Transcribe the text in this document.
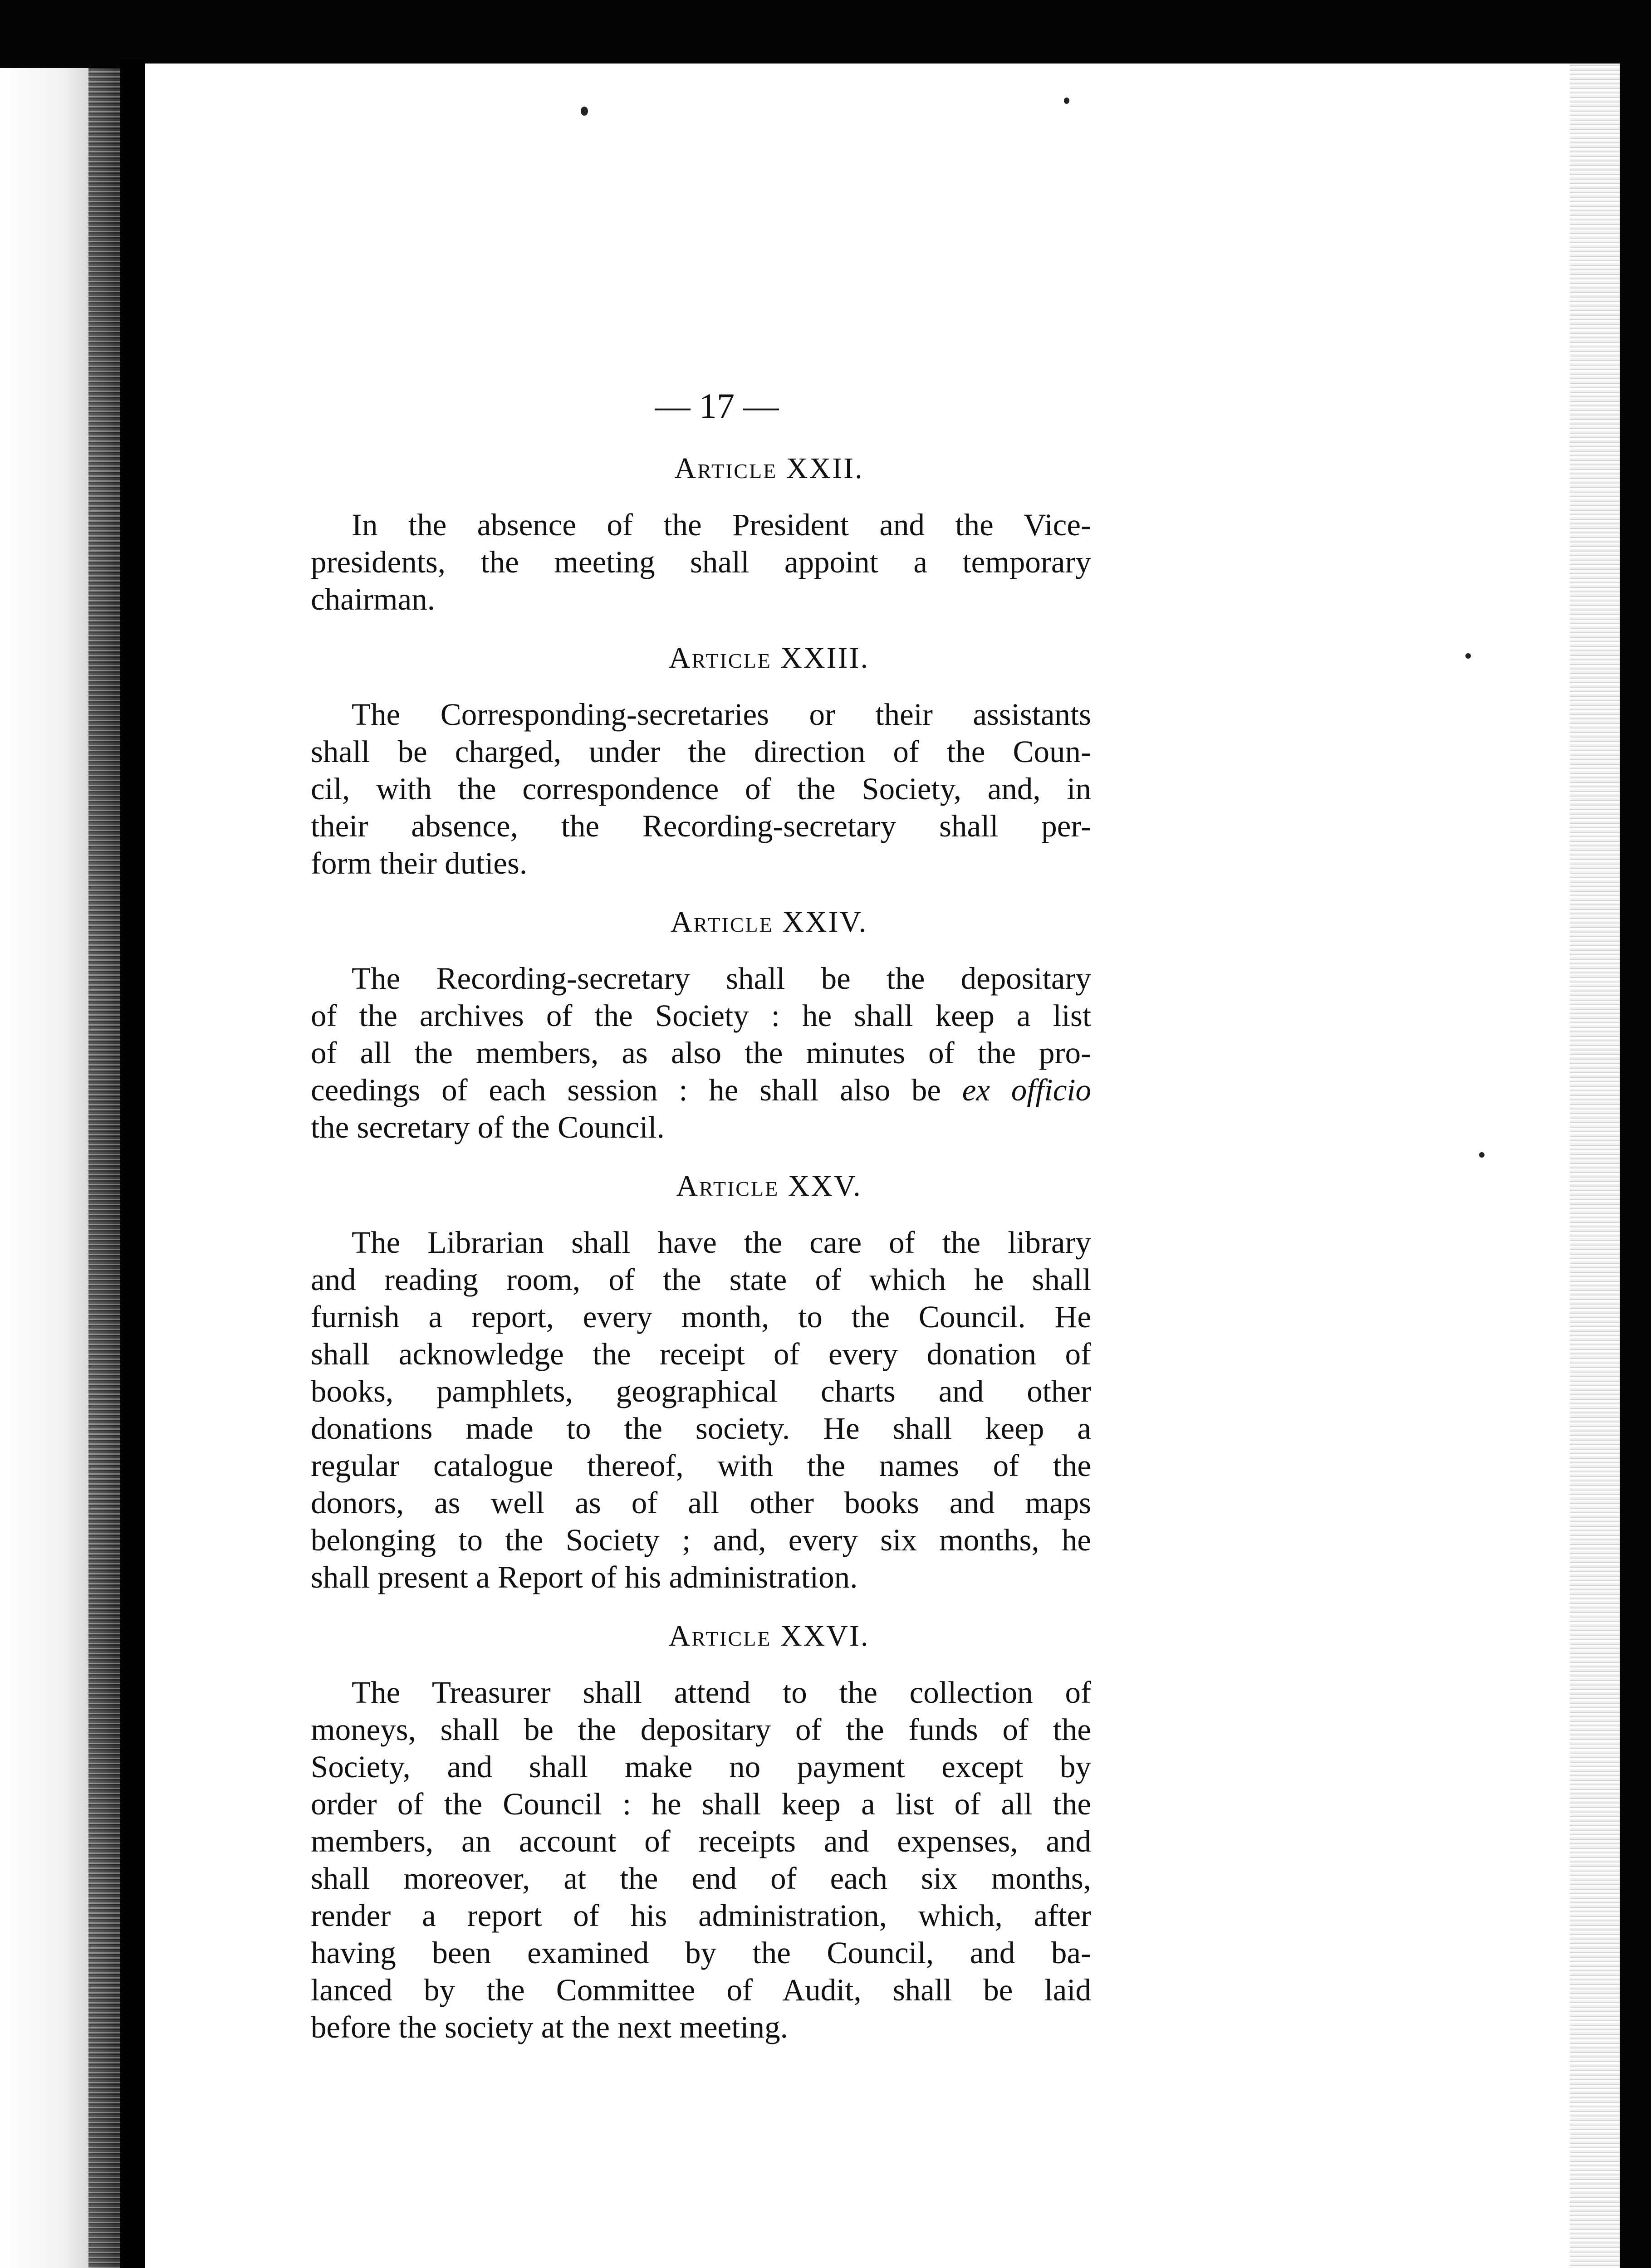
— 17 —
Article XXII.
In the absence of the President and the Vice-
presidents, the meeting shall appoint a temporary
chairman.
Article XXIII.
The Corresponding-secretaries or their assistants
shall be charged, under the direction of the Coun-
cil, with the correspondence of the Society, and, in
their absence, the Recording-secretary shall per-
form their duties.
Article XXIV.
The Recording-secretary shall be the depositary
of the archives of the Society : he shall keep a list
of all the members, as also the minutes of the pro-
ceedings of each session : he shall also be ex officio
the secretary of the Council.
Article XXV.
The Librarian shall have the care of the library
and reading room, of the state of which he shall
furnish a report, every month, to the Council. He
shall acknowledge the receipt of every donation of
books, pamphlets, geographical charts and other
donations made to the society. He shall keep a
regular catalogue thereof, with the names of the
donors, as well as of all other books and maps
belonging to the Society ; and, every six months, he
shall present a Report of his administration.
Article XXVI.
The Treasurer shall attend to the collection of
moneys, shall be the depositary of the funds of the
Society, and shall make no payment except by
order of the Council : he shall keep a list of all the
members, an account of receipts and expenses, and
shall moreover, at the end of each six months,
render a report of his administration, which, after
having been examined by the Council, and ba-
lanced by the Committee of Audit, shall be laid
before the society at the next meeting.
